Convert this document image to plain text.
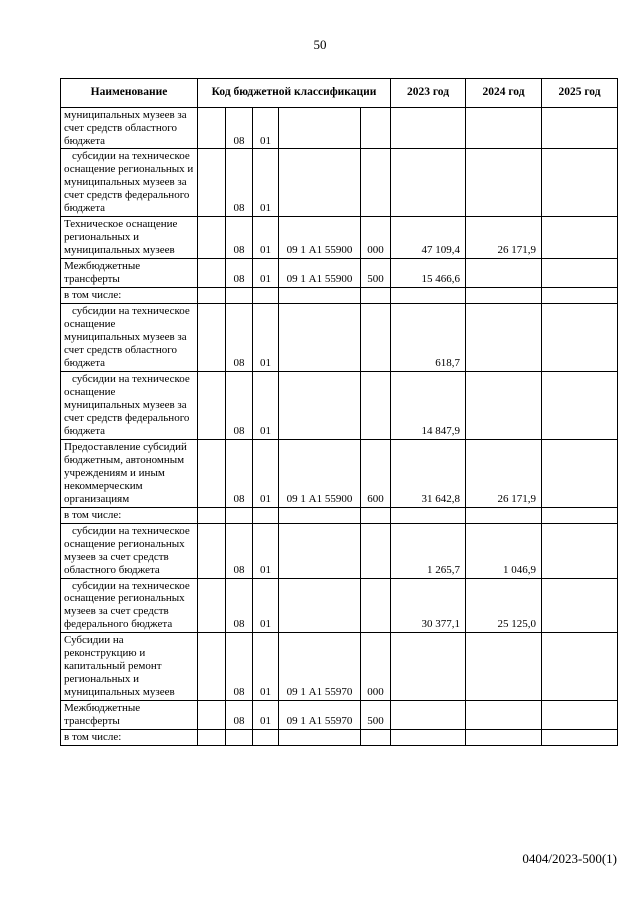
50
Наименование	Код бюджетной классификации					2023 год	2024 год	2025 год
муниципальных музеев за счет средств областного бюджета		08	01					
субсидии на техническое оснащение региональных и муниципальных музеев за счет средств федерального бюджета		08	01					
Техническое оснащение региональных и муниципальных музеев		08	01	09 1 А1 55900	000	47 109,4	26 171,9	
Межбюджетные трансферты		08	01	09 1 А1 55900	500	15 466,6		
в том числе:								
субсидии на техническое оснащение муниципальных музеев за счет средств областного бюджета		08	01			618,7		
субсидии на техническое оснащение муниципальных музеев за счет средств федерального бюджета		08	01			14 847,9		
Предоставление субсидий бюджетным, автономным учреждениям и иным некоммерческим организациям		08	01	09 1 А1 55900	600	31 642,8	26 171,9	
в том числе:								
субсидии на техническое оснащение региональных музеев за счет средств областного бюджета		08	01			1 265,7	1 046,9	
субсидии на техническое оснащение региональных музеев за счет средств федерального бюджета		08	01			30 377,1	25 125,0	
Субсидии на реконструкцию и капитальный ремонт региональных и муниципальных музеев		08	01	09 1 А1 55970	000			
Межбюджетные трансферты		08	01	09 1 А1 55970	500			
в том числе:								
0404/2023-500(1)
